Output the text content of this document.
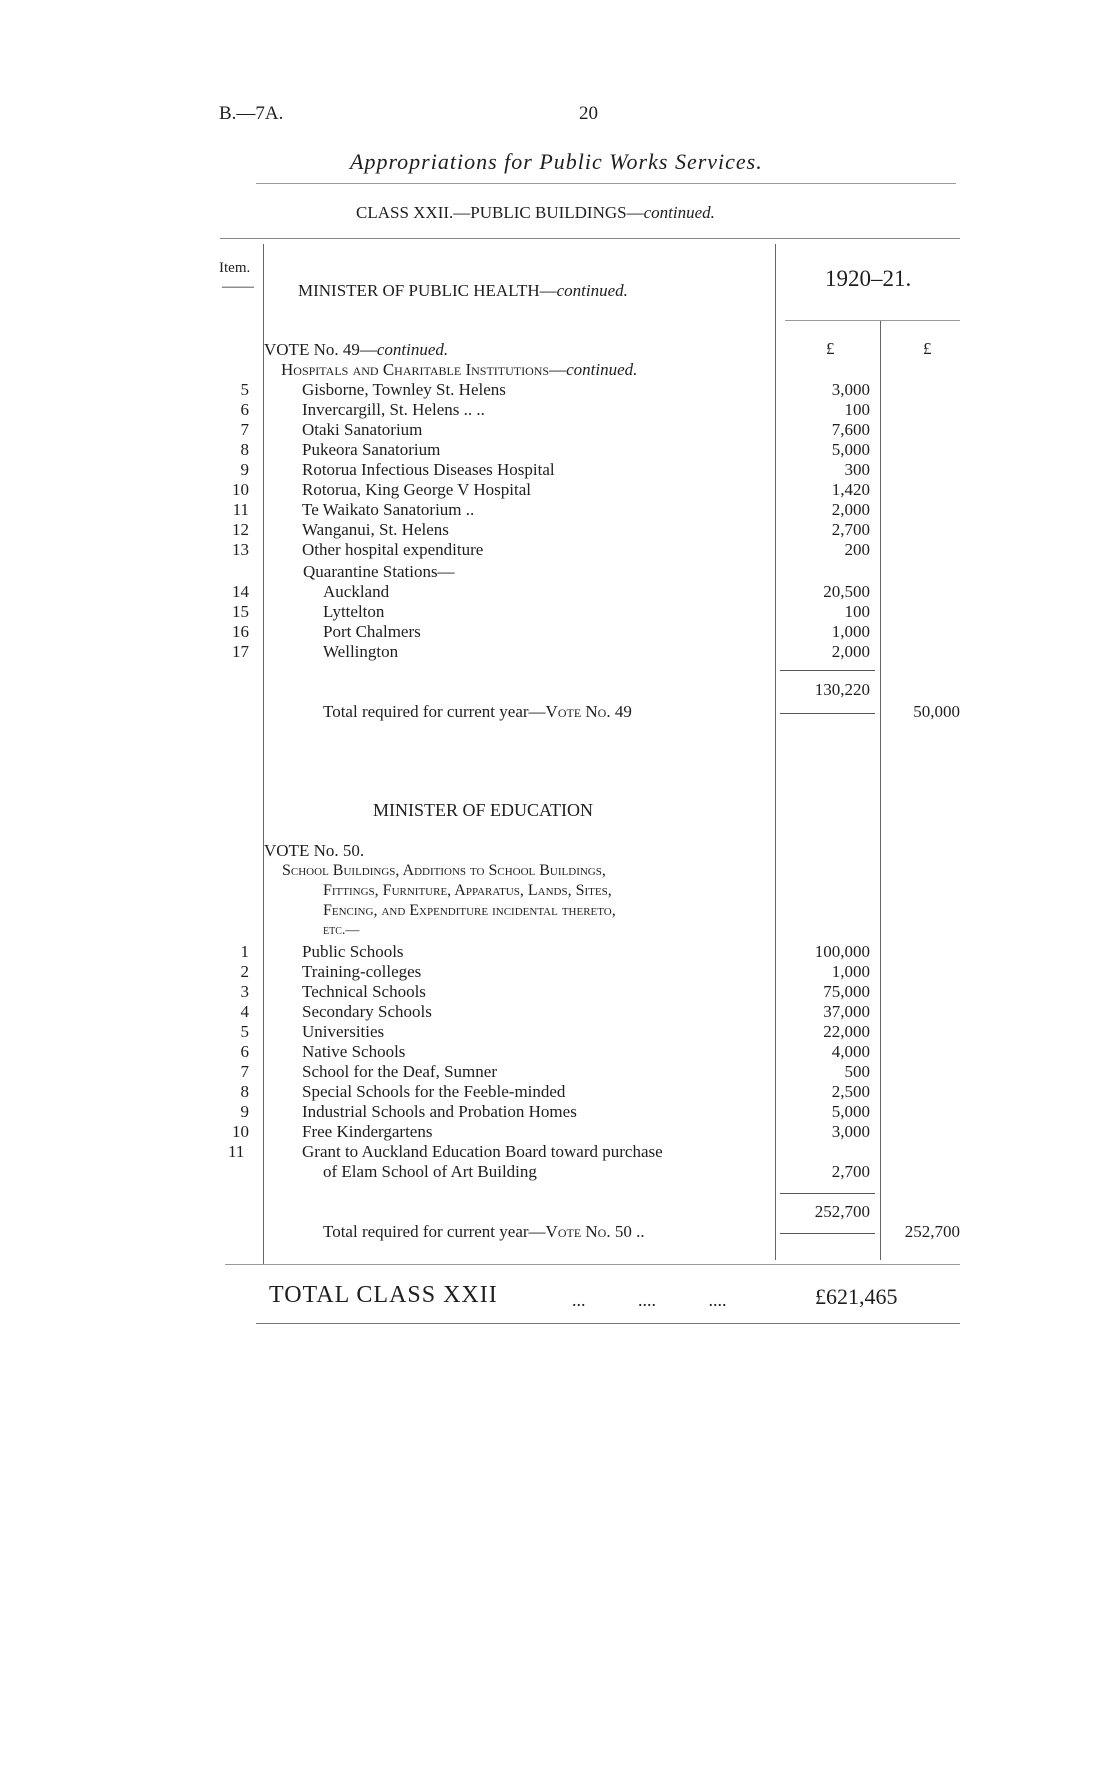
B.—7A.	20
Appropriations for Public Works Services.
CLASS XXII.—PUBLIC BUILDINGS—continued.
Item.
——	MINISTER OF PUBLIC HEALTH—continued.	1920–21.
£	£
VOTE No. 49—continued.
Hospitals and Charitable Institutions—continued.
5	Gisborne, Townley St. Helens	3,000
6	Invercargill, St. Helens .. ..	100
7	Otaki Sanatorium	7,600
8	Pukeora Sanatorium	5,000
9	Rotorua Infectious Diseases Hospital	300
10	Rotorua, King George V Hospital	1,420
11	Te Waikato Sanatorium ..	2,000
12	Wanganui, St. Helens	2,700
13	Other hospital expenditure	200
Quarantine Stations—
14	Auckland	20,500
15	Lyttelton	100
16	Port Chalmers	1,000
17	Wellington	2,000
130,220
Total required for current year—Vote No. 49	50,000
MINISTER OF EDUCATION
VOTE No. 50.
School Buildings, Additions to School Buildings,
Fittings, Furniture, Apparatus, Lands, Sites,
Fencing, and Expenditure incidental thereto,
etc.—
1	Public Schools	100,000
2	Training-colleges	1,000
3	Technical Schools	75,000
4	Secondary Schools	37,000
5	Universities	22,000
6	Native Schools	4,000
7	School for the Deaf, Sumner	500
8	Special Schools for the Feeble-minded	2,500
9	Industrial Schools and Probation Homes	5,000
10	Free Kindergartens	3,000
11	Grant to Auckland Education Board toward purchase
of Elam School of Art Building	2,700
252,700
Total required for current year—Vote No. 50 ..	252,700
TOTAL CLASS XXII	... .... ....	£621,465
